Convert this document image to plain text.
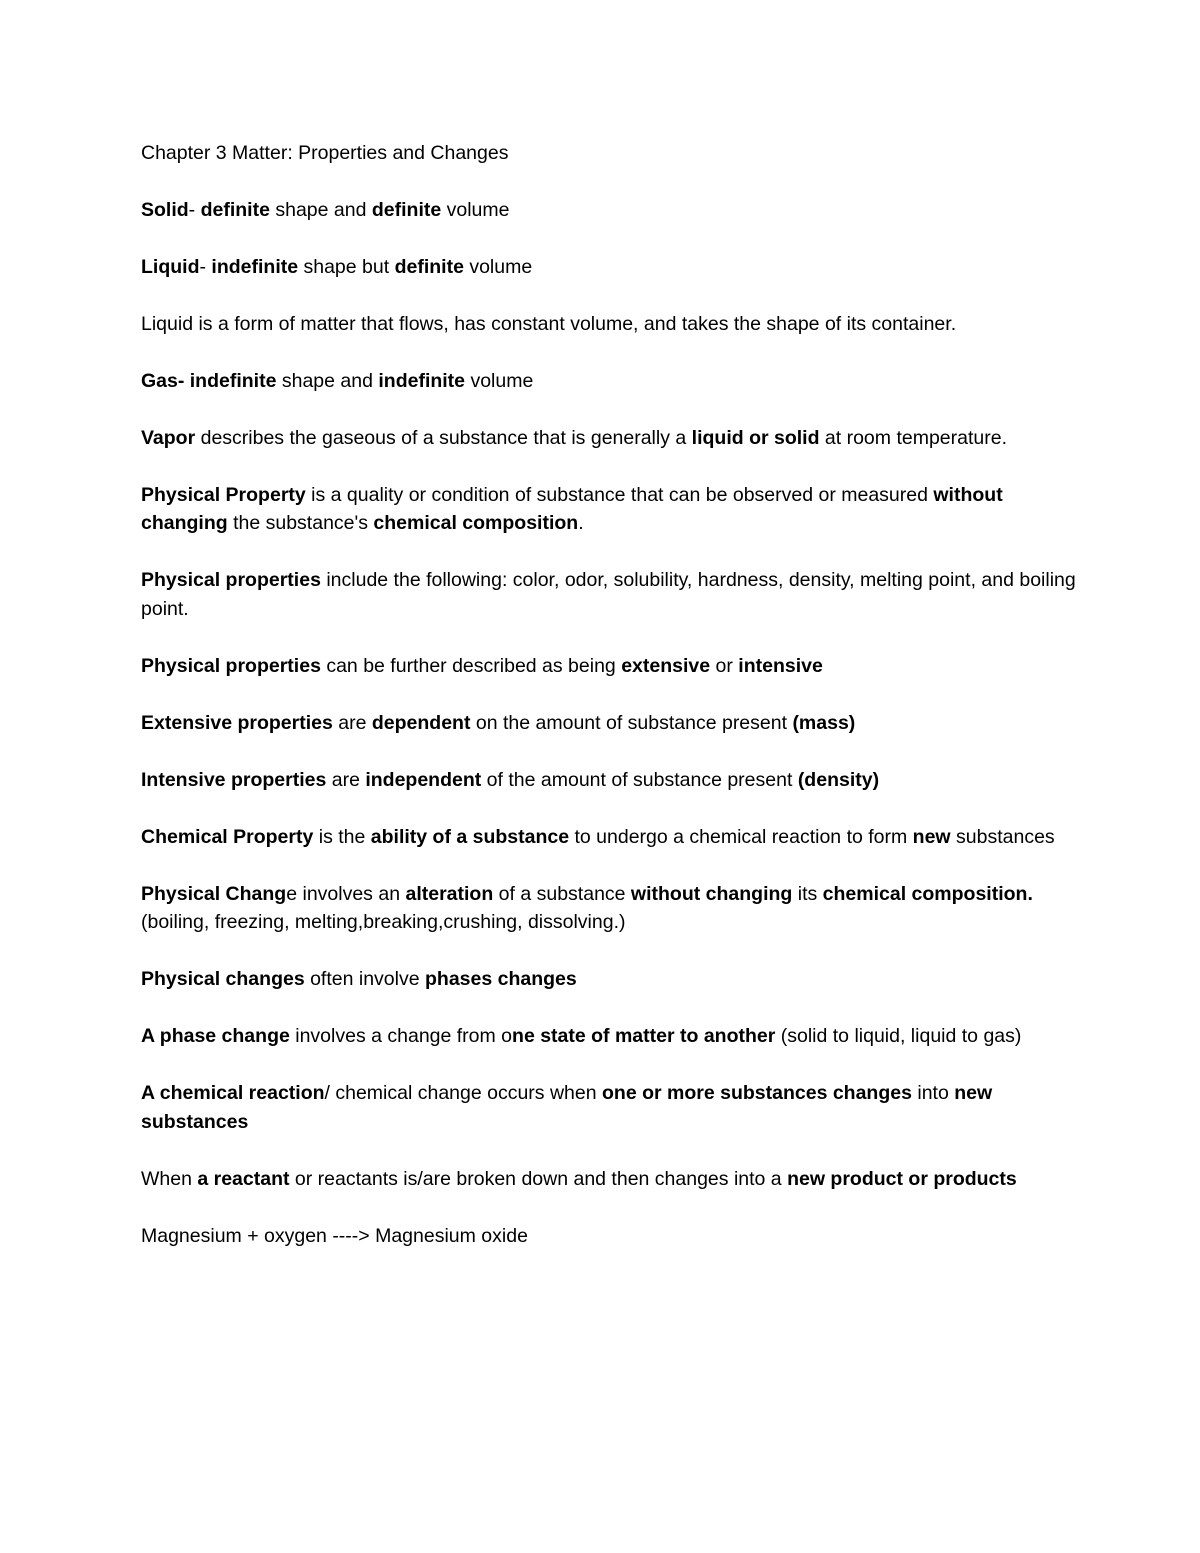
Chapter 3 Matter: Properties and Changes

Solid- definite shape and definite volume

Liquid- indefinite shape but definite volume

Liquid is a form of matter that flows, has constant volume, and takes the shape of its container.

Gas- indefinite shape and indefinite volume

Vapor describes the gaseous of a substance that is generally a liquid or solid at room temperature.

Physical Property is a quality or condition of substance that can be observed or measured without changing the substance's chemical composition.

Physical properties include the following: color, odor, solubility, hardness, density, melting point, and boiling point.

Physical properties can be further described as being extensive or intensive

Extensive properties are dependent on the amount of substance present (mass)

Intensive properties are independent of the amount of substance present (density)

Chemical Property is the ability of a substance to undergo a chemical reaction to form new substances

Physical Change involves an alteration of a substance without changing its chemical composition. (boiling, freezing, melting,breaking,crushing, dissolving.)

Physical changes often involve phases changes

A phase change involves a change from one state of matter to another (solid to liquid, liquid to gas)

A chemical reaction/ chemical change occurs when one or more substances changes into new substances

When a reactant or reactants is/are broken down and then changes into a new product or products

Magnesium + oxygen ----> Magnesium oxide
